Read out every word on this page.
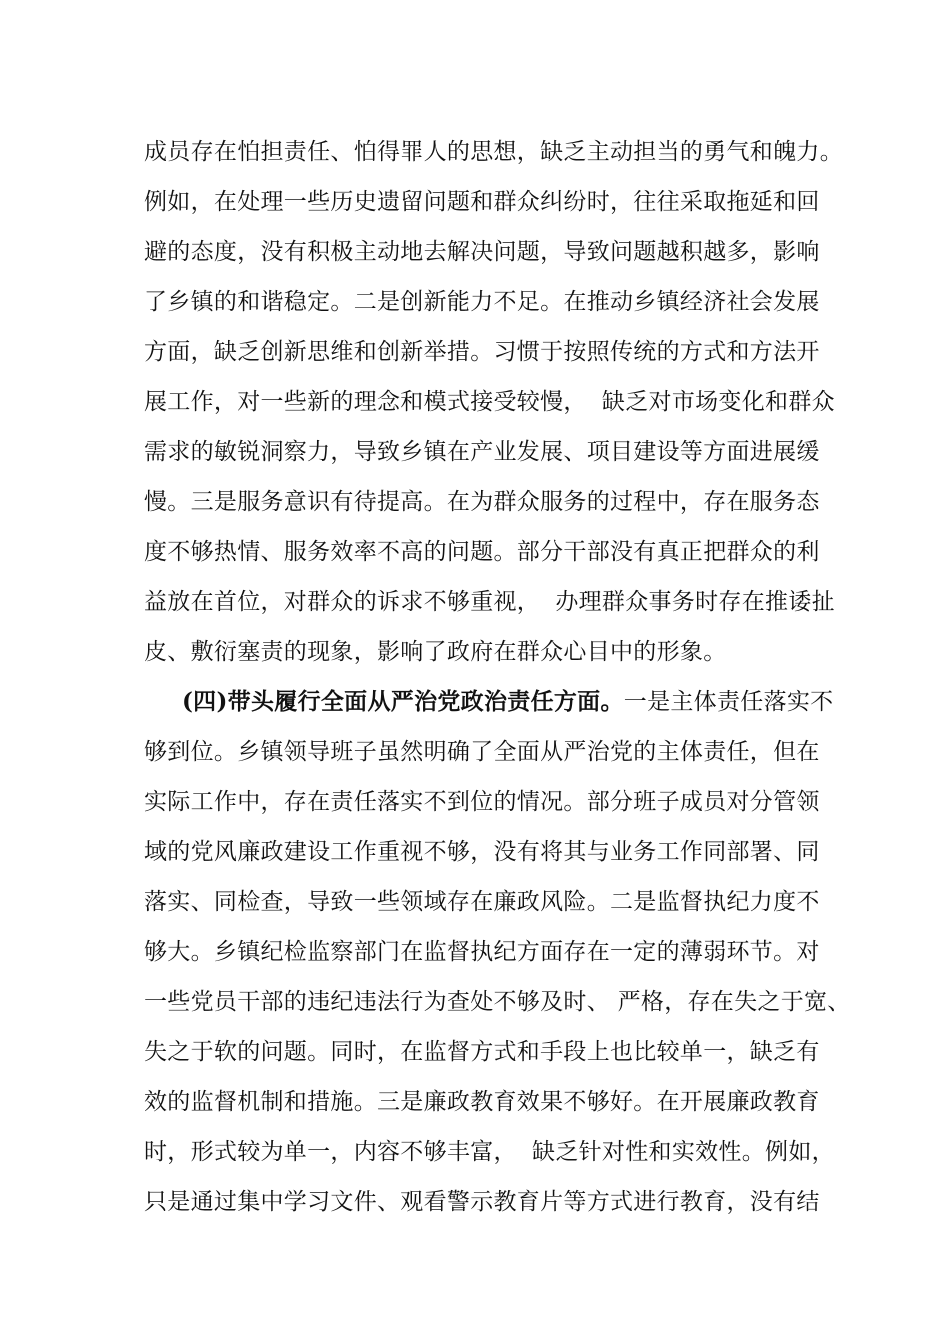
成员存在怕担责任、怕得罪人的思想，缺乏主动担当的勇气和魄力。
例如，在处理一些历史遗留问题和群众纠纷时，往往采取拖延和回
避的态度，没有积极主动地去解决问题，导致问题越积越多，影响
了乡镇的和谐稳定。二是创新能力不足。在推动乡镇经济社会发展
方面，缺乏创新思维和创新举措。习惯于按照传统的方式和方法开
展工作，对一些新的理念和模式接受较慢，  缺乏对市场变化和群众
需求的敏锐洞察力，导致乡镇在产业发展、项目建设等方面进展缓
慢。三是服务意识有待提高。在为群众服务的过程中，存在服务态
度不够热情、服务效率不高的问题。部分干部没有真正把群众的利
益放在首位，对群众的诉求不够重视，  办理群众事务时存在推诿扯
皮、敷衍塞责的现象，影响了政府在群众心目中的形象。
(四)带头履行全面从严治党政治责任方面。一是主体责任落实不
够到位。乡镇领导班子虽然明确了全面从严治党的主体责任，但在
实际工作中，存在责任落实不到位的情况。部分班子成员对分管领
域的党风廉政建设工作重视不够，没有将其与业务工作同部署、同
落实、同检查，导致一些领域存在廉政风险。二是监督执纪力度不
够大。乡镇纪检监察部门在监督执纪方面存在一定的薄弱环节。对
一些党员干部的违纪违法行为查处不够及时、 严格，存在失之于宽、
失之于软的问题。同时，在监督方式和手段上也比较单一，缺乏有
效的监督机制和措施。三是廉政教育效果不够好。在开展廉政教育
时，形式较为单一，内容不够丰富，  缺乏针对性和实效性。例如，
只是通过集中学习文件、观看警示教育片等方式进行教育，没有结
